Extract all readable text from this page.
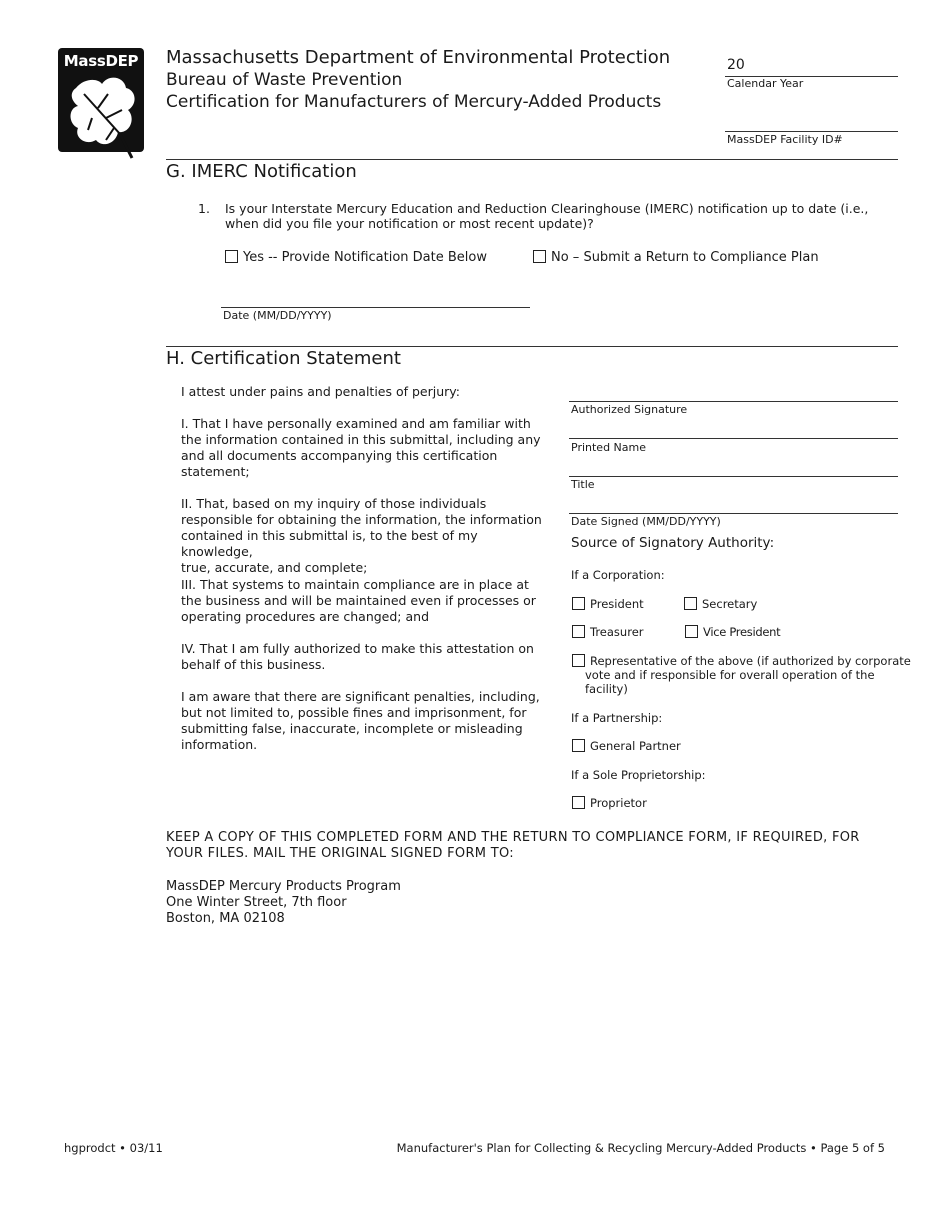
MassDEP	Massachusetts Department of Environmental Protection
Bureau of Waste Prevention
Certification for Manufacturers of Mercury-Added Products
20
Calendar Year
MassDEP Facility ID#
G. IMERC Notification
1. Is your Interstate Mercury Education and Reduction Clearinghouse (IMERC) notification up to date (i.e.,
when did you file your notification or most recent update)?
Yes -- Provide Notification Date Below	No – Submit a Return to Compliance Plan
Date (MM/DD/YYYY)
H. Certification Statement
I attest under pains and penalties of perjury:
I. That I have personally examined and am familiar with
the information contained in this submittal, including any
and all documents accompanying this certification
statement;
II. That, based on my inquiry of those individuals
responsible for obtaining the information, the information
contained in this submittal is, to the best of my knowledge,
true, accurate, and complete;
III. That systems to maintain compliance are in place at
the business and will be maintained even if processes or
operating procedures are changed; and
IV. That I am fully authorized to make this attestation on
behalf of this business.
I am aware that there are significant penalties, including,
but not limited to, possible fines and imprisonment, for
submitting false, inaccurate, incomplete or misleading
information.
Authorized Signature
Printed Name
Title
Date Signed (MM/DD/YYYY)
Source of Signatory Authority:
If a Corporation:
President	Secretary
Treasurer	Vice President
Representative of the above (if authorized by corporate
vote and if responsible for overall operation of the
facility)
If a Partnership:
General Partner
If a Sole Proprietorship:
Proprietor
KEEP A COPY OF THIS COMPLETED FORM AND THE RETURN TO COMPLIANCE FORM, IF REQUIRED, FOR
YOUR FILES. MAIL THE ORIGINAL SIGNED FORM TO:
MassDEP Mercury Products Program
One Winter Street, 7th floor
Boston, MA 02108
hgprodct • 03/11	Manufacturer's Plan for Collecting & Recycling Mercury-Added Products • Page 5 of 5
